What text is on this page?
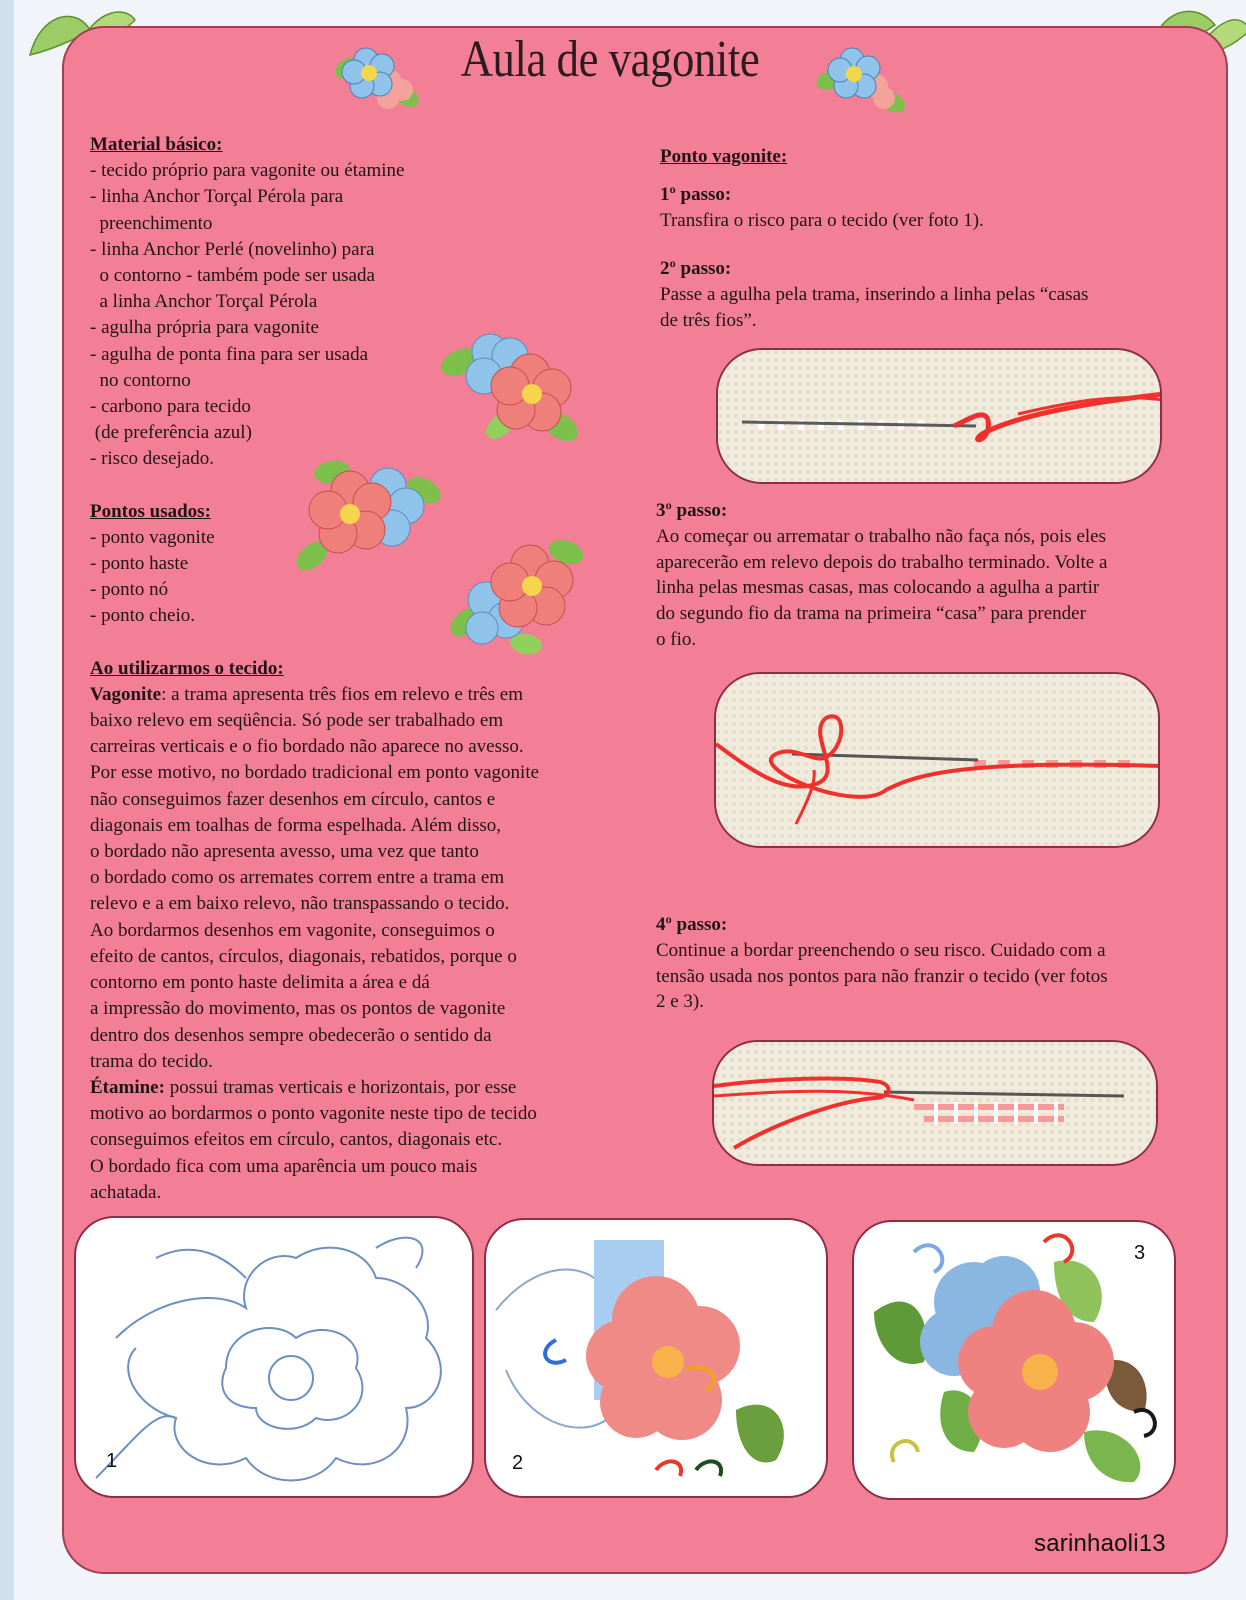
Aula de vagonite
Material básico:
- tecido próprio para vagonite ou étamine
- linha Anchor Torçal Pérola para
preenchimento
- linha Anchor Perlé (novelinho) para
o contorno - também pode ser usada
a linha Anchor Torçal Pérola
- agulha própria para vagonite
- agulha de ponta fina para ser usada
no contorno
- carbono para tecido
(de preferência azul)
- risco desejado.
Pontos usados:
- ponto vagonite
- ponto haste
- ponto nó
- ponto cheio.
Ao utilizarmos o tecido:
Vagonite: a trama apresenta três fios em relevo e três em
baixo relevo em seqüência. Só pode ser trabalhado em
carreiras verticais e o fio bordado não aparece no avesso.
Por esse motivo, no bordado tradicional em ponto vagonite
não conseguimos fazer desenhos em círculo, cantos e
diagonais em toalhas de forma espelhada. Além disso,
o bordado não apresenta avesso, uma vez que tanto
o bordado como os arremates correm entre a trama em
relevo e a em baixo relevo, não transpassando o tecido.
Ao bordarmos desenhos em vagonite, conseguimos o
efeito de cantos, círculos, diagonais, rebatidos, porque o
contorno em ponto haste delimita a área e dá
a impressão do movimento, mas os pontos de vagonite
dentro dos desenhos sempre obedecerão o sentido da
trama do tecido.
Étamine: possui tramas verticais e horizontais, por esse
motivo ao bordarmos o ponto vagonite neste tipo de tecido
conseguimos efeitos em círculo, cantos, diagonais etc.
O bordado fica com uma aparência um pouco mais
achatada.
Ponto vagonite:
1º passo:
Transfira o risco para o tecido (ver foto 1).
2º passo:
Passe a agulha pela trama, inserindo a linha pelas “casas
de três fios”.
3º passo:
Ao começar ou arrematar o trabalho não faça nós, pois eles
aparecerão em relevo depois do trabalho terminado. Volte a
linha pelas mesmas casas, mas colocando a agulha a partir
do segundo fio da trama na primeira “casa” para prender
o fio.
4º passo:
Continue a bordar preenchendo o seu risco. Cuidado com a
tensão usada nos pontos para não franzir o tecido (ver fotos
2 e 3).
1	2
3
sarinhaoli13
